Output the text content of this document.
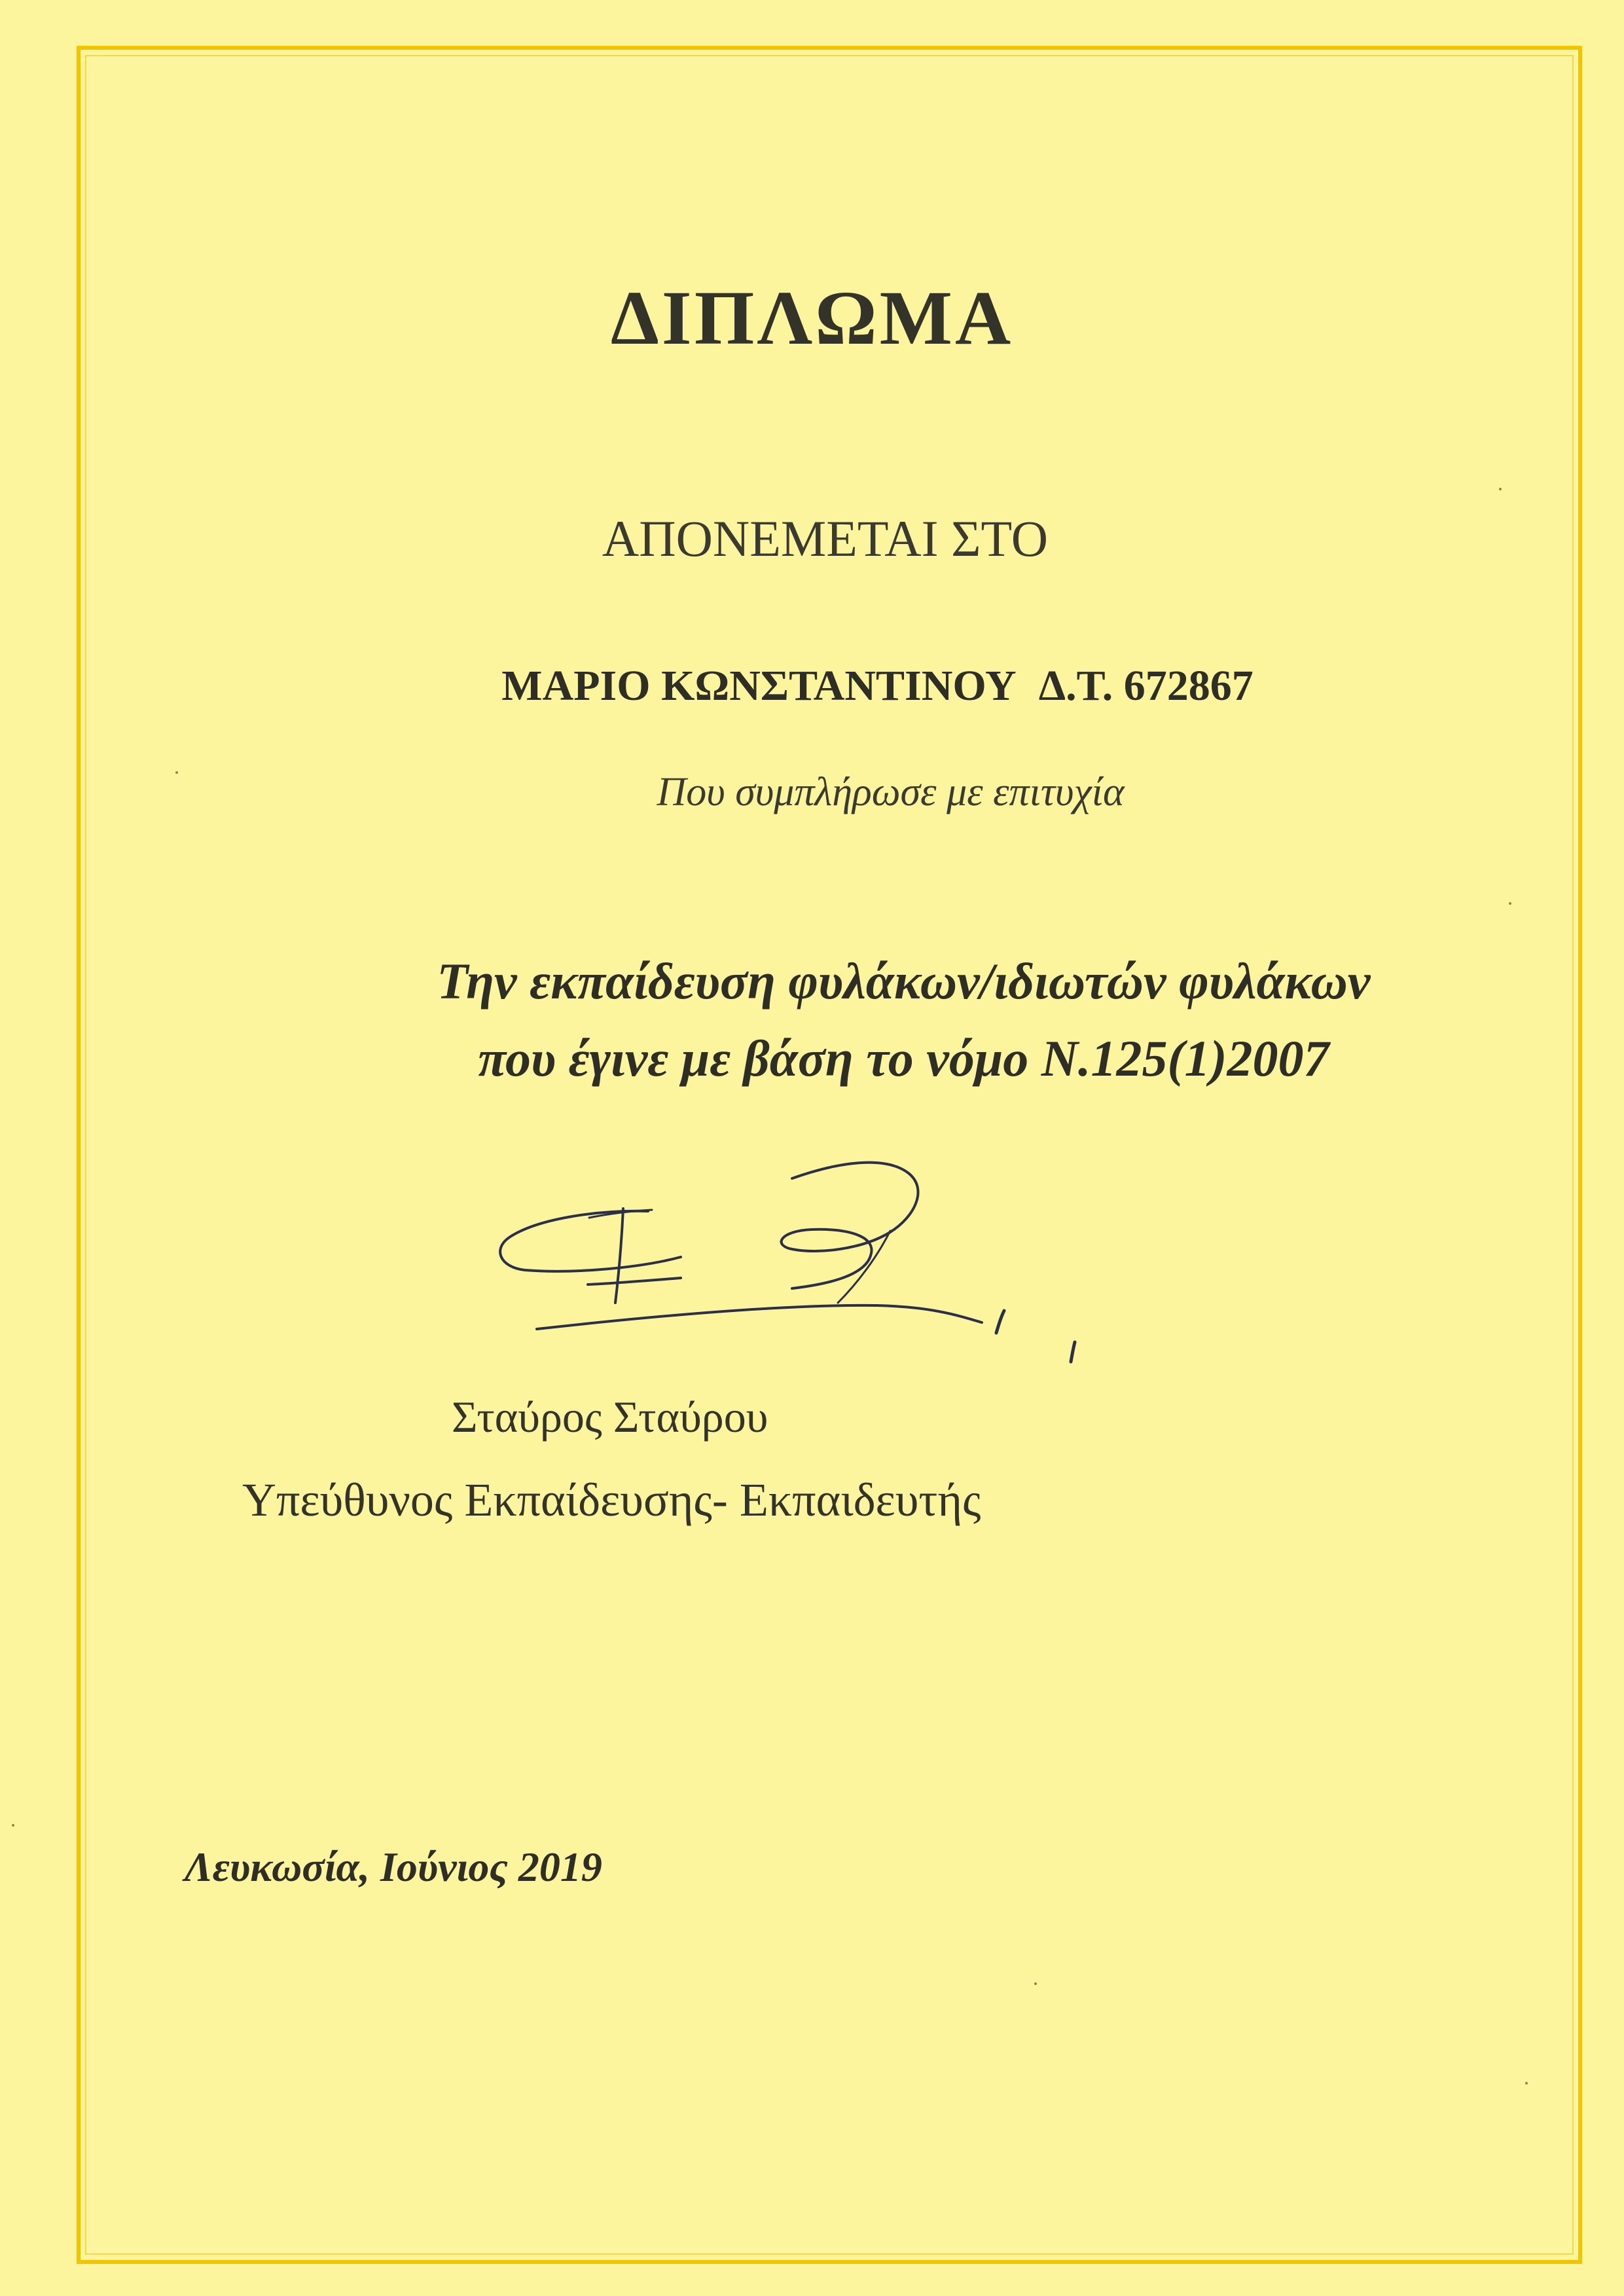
ΔΙΠΛΩΜΑ

ΑΠΟΝΕΜΕΤΑΙ ΣΤΟ

ΜΑΡΙΟ ΚΩΝΣΤΑΝΤΙΝΟΥ Δ.Τ. 672867

Που συμπλήρωσε με επιτυχία

Την εκπαίδευση φυλάκων/ιδιωτών φυλάκων
που έγινε με βάση το νόμο Ν.125(1)2007

Σταύρος Σταύρου

Υπεύθυνος Εκπαίδευσης- Εκπαιδευτής

Λευκωσία, Ιούνιος 2019
